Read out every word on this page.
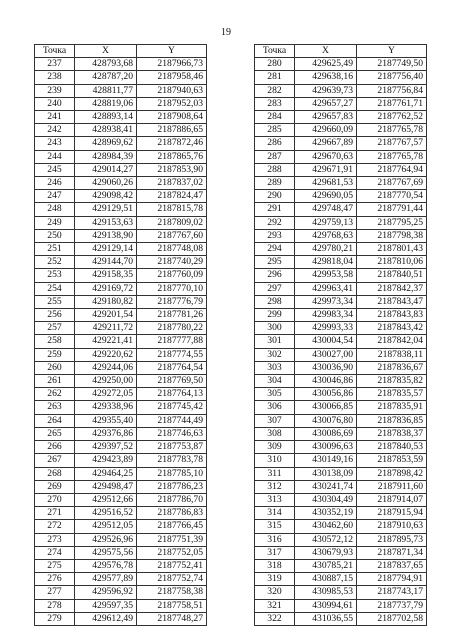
19
Точка	X	Y
237	428793,68	2187966,73
238	428787,20	2187958,46
239	428811,77	2187940,63
240	428819,06	2187952,03
241	428893,14	2187908,64
242	428938,41	2187886,65
243	428969,62	2187872,46
244	428984,39	2187865,76
245	429014,27	2187853,90
246	429060,26	2187837,02
247	429098,42	2187824,47
248	429129,51	2187815,78
249	429153,63	2187809,02
250	429138,90	2187767,60
251	429129,14	2187748,08
252	429144,70	2187740,29
253	429158,35	2187760,09
254	429169,72	2187770,10
255	429180,82	2187776,79
256	429201,54	2187781,26
257	429211,72	2187780,22
258	429221,41	2187777,88
259	429220,62	2187774,55
260	429244,06	2187764,54
261	429250,00	2187769,50
262	429272,05	2187764,13
263	429338,96	2187745,42
264	429355,40	2187744,49
265	429376,86	2187746,63
266	429397,52	2187753,87
267	429423,89	2187783,78
268	429464,25	2187785,10
269	429498,47	2187786,23
270	429512,66	2187786,70
271	429516,52	2187786,83
272	429512,05	2187766,45
273	429526,96	2187751,39
274	429575,56	2187752,05
275	429576,78	2187752,41
276	429577,89	2187752,74
277	429596,92	2187758,38
278	429597,35	2187758,51
279	429612,49	2187748,27
Точка	X	Y
280	429625,49	2187749,50
281	429638,16	2187756,40
282	429639,73	2187756,84
283	429657,27	2187761,71
284	429657,83	2187762,52
285	429660,09	2187765,78
286	429667,89	2187767,57
287	429670,63	2187765,78
288	429671,91	2187764,94
289	429681,53	2187767,69
290	429690,05	2187770,54
291	429748,47	2187791,44
292	429759,13	2187795,25
293	429768,63	2187798,38
294	429780,21	2187801,43
295	429818,04	2187810,06
296	429953,58	2187840,51
297	429963,41	2187842,37
298	429973,34	2187843,47
299	429983,34	2187843,83
300	429993,33	2187843,42
301	430004,54	2187842,04
302	430027,00	2187838,11
303	430036,90	2187836,67
304	430046,86	2187835,82
305	430056,86	2187835,57
306	430066,85	2187835,91
307	430076,80	2187836,85
308	430086,69	2187838,37
309	430096,63	2187840,53
310	430149,16	2187853,59
311	430138,09	2187898,42
312	430241,74	2187911,60
313	430304,49	2187914,07
314	430352,19	2187915,94
315	430462,60	2187910,63
316	430572,12	2187895,73
317	430679,93	2187871,34
318	430785,21	2187837,65
319	430887,15	2187794,91
320	430985,53	2187743,17
321	430994,61	2187737,79
322	431036,55	2187702,58
